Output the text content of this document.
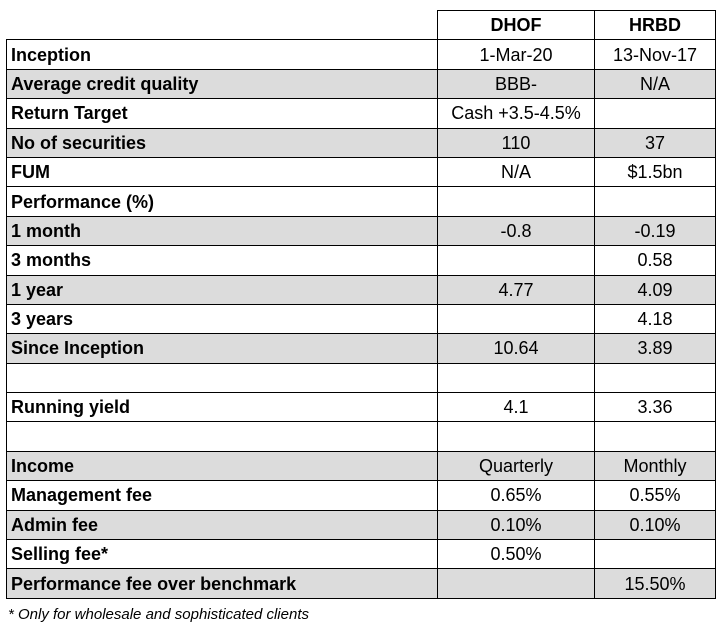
	DHOF	HRBD
Inception	1-Mar-20	13-Nov-17
Average credit quality	BBB-	N/A
Return Target	Cash +3.5-4.5%	
No of securities	110	37
FUM	N/A	$1.5bn
Performance (%)		
1 month	-0.8	-0.19
3 months		0.58
1 year	4.77	4.09
3 years		4.18
Since Inception	10.64	3.89

Running yield	4.1	3.36

Income	Quarterly	Monthly
Management fee	0.65%	0.55%
Admin fee	0.10%	0.10%
Selling fee*	0.50%	
Performance fee over benchmark		15.50%
* Only for wholesale and sophisticated clients
